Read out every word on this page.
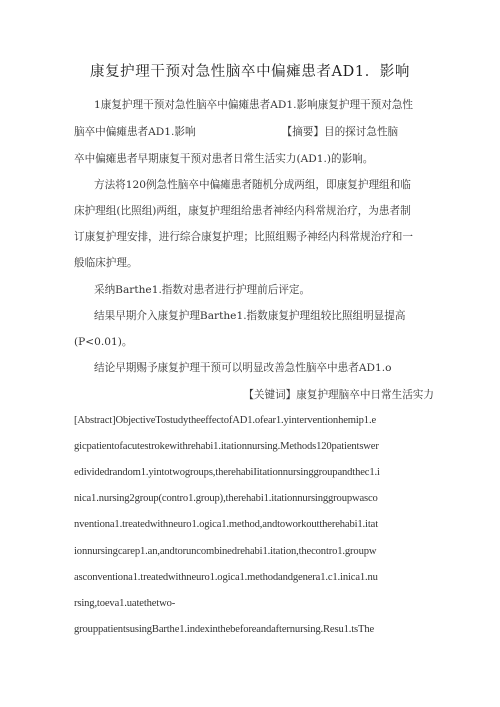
康复护理干预对急性脑卒中偏瘫患者AD1．影响
1康复护理干预对急性脑卒中偏瘫患者AD1.影响康复护理干预对急性
脑卒中偏瘫患者AD1.影响	【摘要】目的探讨急性脑
卒中偏瘫患者早期康复干预对患者日常生活实力(AD1.)的影响。
方法将120例急性脑卒中偏瘫患者随机分成两组，即康复护理组和临
床护理组(比照组)两组，康复护理组给患者神经内科常规治疗，为患者制
订康复护理安排，进行综合康复护理；比照组赐予神经内科常规治疗和一
般临床护理。
采纳Barthe1.指数对患者进行护理前后评定。
结果早期介入康复护理Barthe1.指数康复护理组较比照组明显提高
(P<0.01)。
结论早期赐予康复护理干预可以明显改善急性脑卒中患者AD1.o
【关键词】康复护理脑卒中日常生活实力
[Abstract]ObjectiveTostudytheeffectofAD1.ofear1.yinterventionhemip1.e
gicpatientofacutestrokewithrehabi1.itationnursing.Methods120patientswer
edividedrandom1.yintotwogroups,therehabiIitationnursinggroupandthec1.i
nica1.nursing2group(contro1.group),therehabi1.itationnursinggroupwasco
nventiona1.treatedwithneuro1.ogica1.method,andtoworkouttherehabi1.itat
ionnursingcarep1.an,andtoruncombinedrehabi1.itation,thecontro1.groupw
asconventiona1.treatedwithneuro1.ogica1.methodandgenera1.c1.inica1.nu
rsing,toeva1.uatethetwo-
grouppatientsusingBarthe1.indexinthebeforeandafternursing.Resu1.tsThe
